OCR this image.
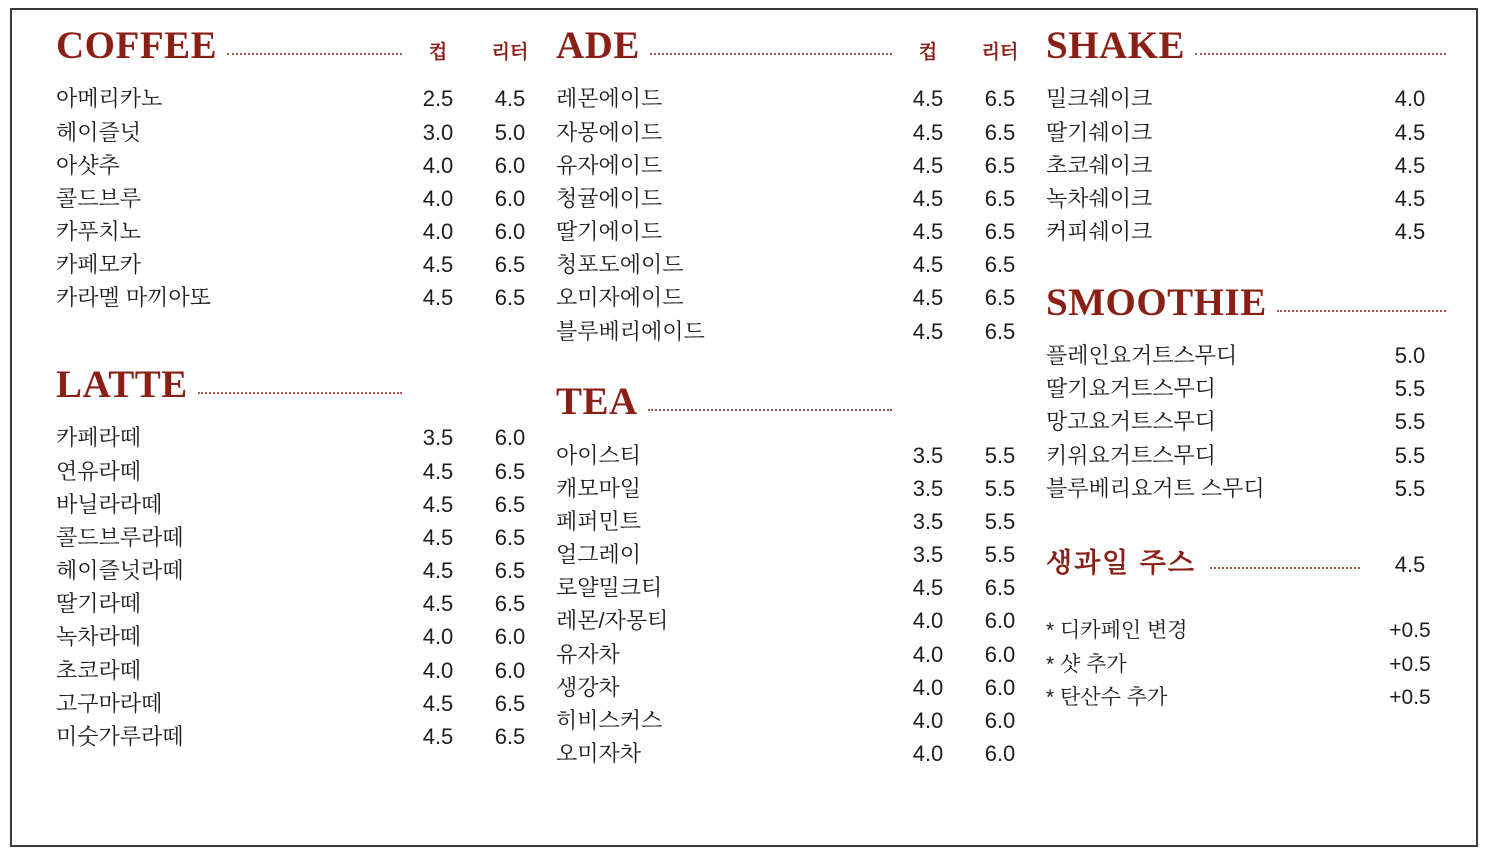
COFFEE	컵	리터
아메리카노	2.5	4.5
헤이즐넛	3.0	5.0
아샷추	4.0	6.0
콜드브루	4.0	6.0
카푸치노	4.0	6.0
카페모카	4.5	6.5
카라멜 마끼아또	4.5	6.5
LATTE
카페라떼	3.5	6.0
연유라떼	4.5	6.5
바닐라라떼	4.5	6.5
콜드브루라떼	4.5	6.5
헤이즐넛라떼	4.5	6.5
딸기라떼	4.5	6.5
녹차라떼	4.0	6.0
초코라떼	4.0	6.0
고구마라떼	4.5	6.5
미숫가루라떼	4.5	6.5
ADE	컵	리터
레몬에이드	4.5	6.5
자몽에이드	4.5	6.5
유자에이드	4.5	6.5
청귤에이드	4.5	6.5
딸기에이드	4.5	6.5
청포도에이드	4.5	6.5
오미자에이드	4.5	6.5
블루베리에이드	4.5	6.5
TEA
아이스티	3.5	5.5
캐모마일	3.5	5.5
페퍼민트	3.5	5.5
얼그레이	3.5	5.5
로얄밀크티	4.5	6.5
레몬/자몽티	4.0	6.0
유자차	4.0	6.0
생강차	4.0	6.0
히비스커스	4.0	6.0
오미자차	4.0	6.0
SHAKE
밀크쉐이크	4.0
딸기쉐이크	4.5
초코쉐이크	4.5
녹차쉐이크	4.5
커피쉐이크	4.5
SMOOTHIE
플레인요거트스무디	5.0
딸기요거트스무디	5.5
망고요거트스무디	5.5
키위요거트스무디	5.5
블루베리요거트 스무디	5.5
생과일 주스	4.5
* 디카페인 변경	+0.5
* 샷 추가	+0.5
* 탄산수 추가	+0.5
